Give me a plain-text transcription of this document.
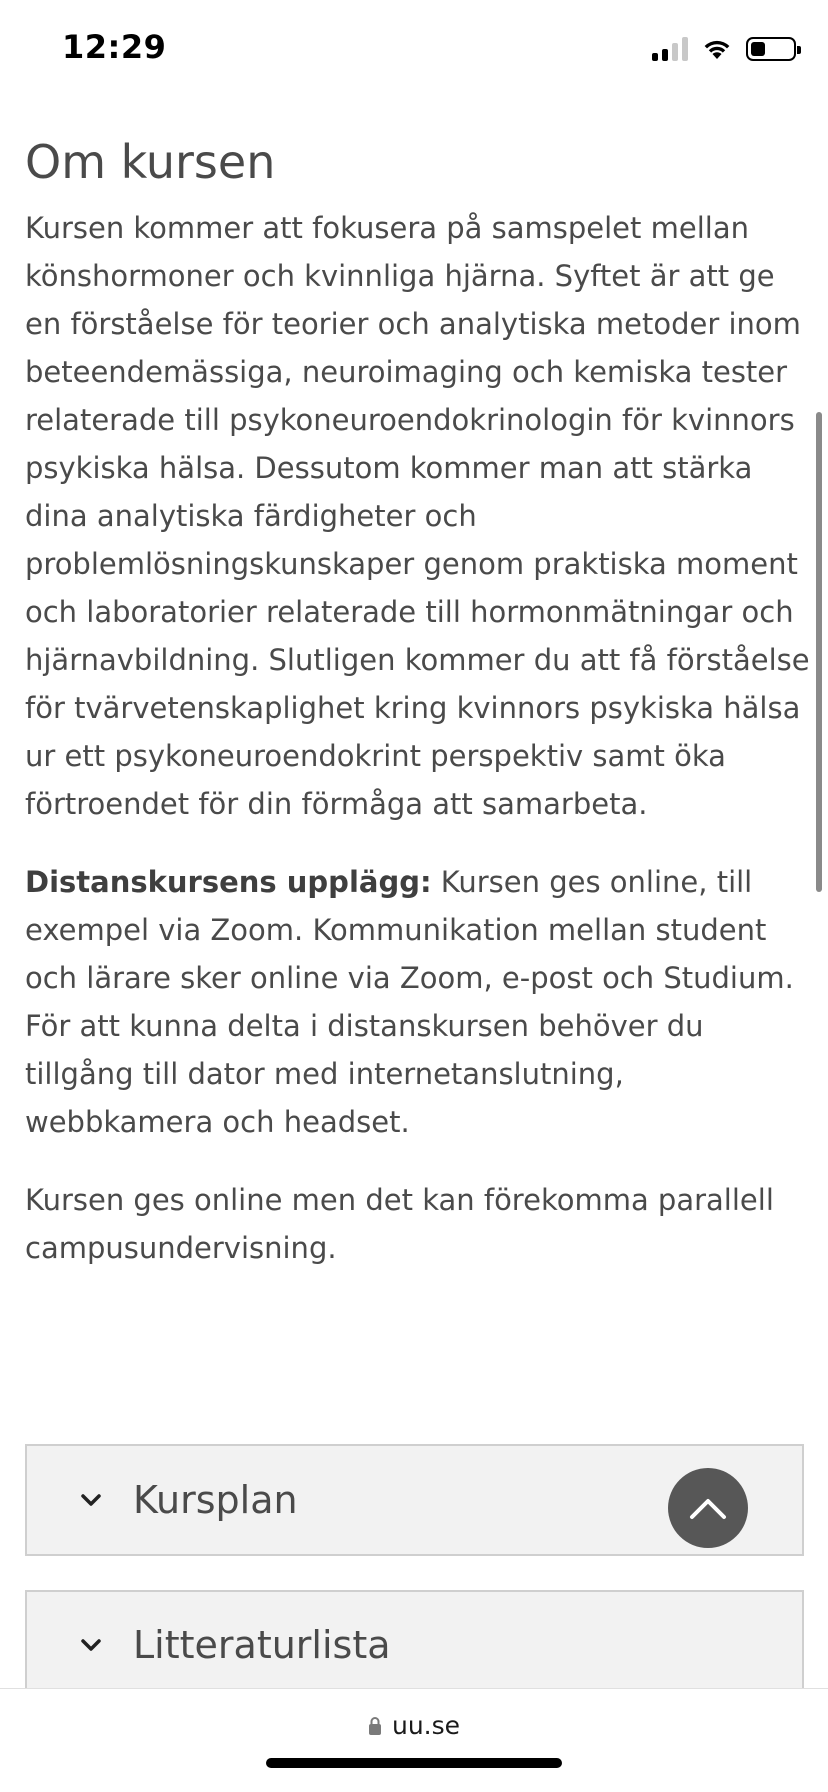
12:29
Om kursen

Kursen kommer att fokusera på samspelet mellan könshormoner och kvinnliga hjärna. Syftet är att ge en förståelse för teorier och analytiska metoder inom beteendemässiga, neuroimaging och kemiska tester relaterade till psykoneuroendokrinologin för kvinnors psykiska hälsa. Dessutom kommer man att stärka dina analytiska färdigheter och problemlösningskunskaper genom praktiska moment och laboratorier relaterade till hormonmätningar och hjärnavbildning. Slutligen kommer du att få förståelse för tvärvetenskaplighet kring kvinnors psykiska hälsa ur ett psykoneuroendokrint perspektiv samt öka förtroendet för din förmåga att samarbeta.

Distanskursens upplägg: Kursen ges online, till exempel via Zoom. Kommunikation mellan student och lärare sker online via Zoom, e-post och Studium. För att kunna delta i distanskursen behöver du tillgång till dator med internetanslutning, webbkamera och headset.

Kursen ges online men det kan förekomma parallell campusundervisning.

Kursplan
Litteraturlista
uu.se
